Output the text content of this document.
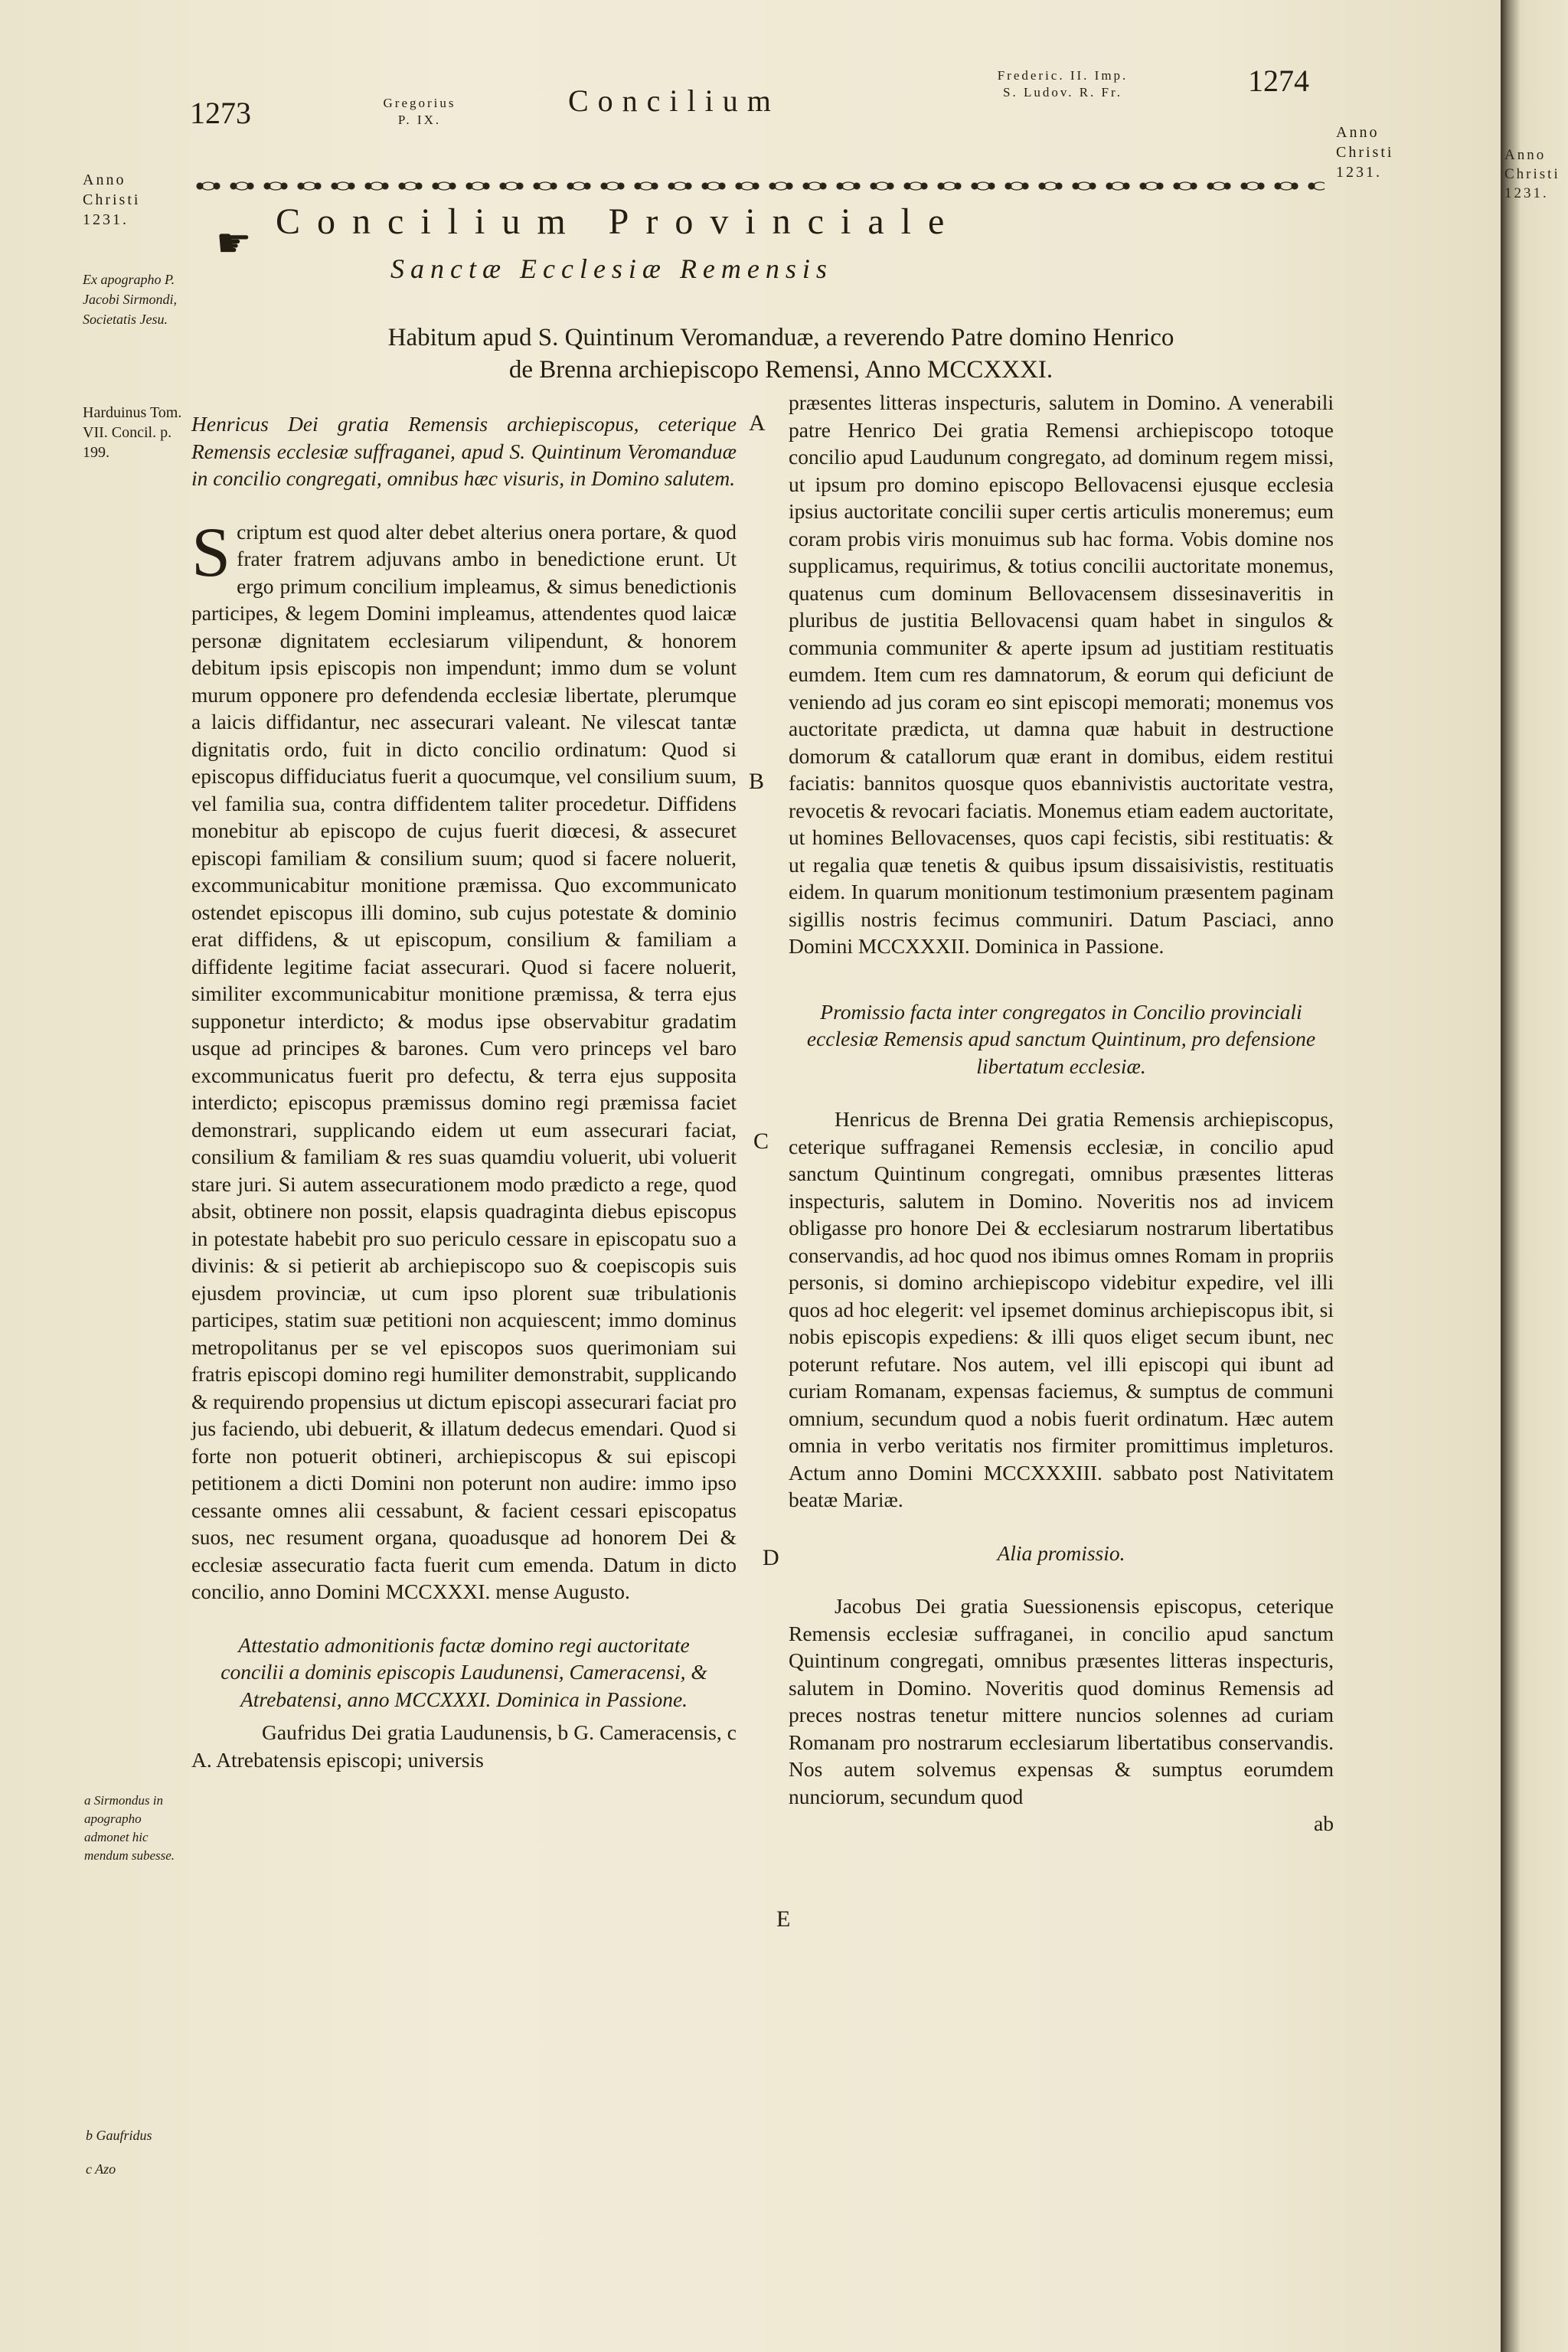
Anno
Christi
1231.
1273	Gregorius
P. IX.
Concilium
Frederic. II. Imp.
S. Ludov. R. Fr.	1274
Anno
Christi
1231.
Anno
Christi
1231.
Ex apographo P. Jacobi Sirmondi, Societatis Jesu.
Harduinus Tom. VII. Concil. p. 199.
a Sirmondus in apographo admonet hic mendum subesse.
b Gaufridus
c Azo
☛ Concilium Provinciale
Sanctæ Ecclesiæ Remensis
Habitum apud S. Quintinum Veromanduæ, a reverendo Patre domino Henrico
de Brenna archiepiscopo Remensi, Anno MCCXXXI.
A
B
C
D
E

Henricus Dei gratia Remensis archiepiscopus, ceterique Remensis ecclesiæ suffraganei, apud S. Quintinum Veromanduæ in concilio congregati, omnibus hæc visuris, in Domino salutem.

Scriptum est quod alter debet alterius onera portare, & quod frater fratrem adjuvans ambo in benedictione erunt. Ut ergo primum concilium impleamus, & simus benedictionis participes, & legem Domini impleamus, attendentes quod laicæ personæ dignitatem ecclesiarum vilipendunt, & honorem debitum ipsis episcopis non impendunt; immo dum se volunt murum opponere pro defendenda ecclesiæ libertate, plerumque a laicis diffidantur, nec assecurari valeant. Ne vilescat tantæ dignitatis ordo, fuit in dicto concilio ordinatum: Quod si episcopus diffiduciatus fuerit a quocumque, vel consilium suum, vel familia sua, contra diffidentem taliter procedetur. Diffidens monebitur ab episcopo de cujus fuerit diœcesi, & assecuret episcopi familiam & consilium suum; quod si facere noluerit, excommunicabitur monitione præmissa. Quo excommunicato ostendet episcopus illi domino, sub cujus potestate & dominio erat diffidens, & ut episcopum, consilium & familiam a diffidente legitime faciat assecurari. Quod si facere noluerit, similiter excommunicabitur monitione præmissa, & terra ejus supponetur interdicto; & modus ipse observabitur gradatim usque ad principes & barones. Cum vero princeps vel baro excommunicatus fuerit pro defectu, & terra ejus supposita interdicto; episcopus præmissus domino regi præmissa faciet demonstrari, supplicando eidem ut eum assecurari faciat, consilium & familiam & res suas quamdiu voluerit, ubi voluerit stare juri. Si autem assecurationem modo prædicto a rege, quod absit, obtinere non possit, elapsis quadraginta diebus episcopus in potestate habebit pro suo periculo cessare in episcopatu suo a divinis: & si petierit ab archiepiscopo suo & coepiscopis suis ejusdem provinciæ, ut cum ipso plorent suæ tribulationis participes, statim suæ petitioni non acquiescent; immo dominus metropolitanus per se vel episcopos suos querimoniam sui fratris episcopi domino regi humiliter demonstrabit, supplicando & requirendo propensius ut dictum episcopi assecurari faciat pro jus faciendo, ubi debuerit, & illatum dedecus emendari. Quod si forte non potuerit obtineri, archiepiscopus & sui episcopi petitionem a dicti Domini non poterunt non audire: immo ipso cessante omnes alii cessabunt, & facient cessari episcopatus suos, nec resument organa, quoadusque ad honorem Dei & ecclesiæ assecuratio facta fuerit cum emenda. Datum in dicto concilio, anno Domini MCCXXXI. mense Augusto.

Attestatio admonitionis factæ domino regi auctoritate concilii a dominis episcopis Laudunensi, Cameracensi, & Atrebatensi, anno MCCXXXI. Dominica in Passione.

Gaufridus Dei gratia Laudunensis, b G. Cameracensis, c A. Atrebatensis episcopi; universis

præsentes litteras inspecturis, salutem in Domino. A venerabili patre Henrico Dei gratia Remensi archiepiscopo totoque concilio apud Laudunum congregato, ad dominum regem missi, ut ipsum pro domino episcopo Bellovacensi ejusque ecclesia ipsius auctoritate concilii super certis articulis moneremus; eum coram probis viris monuimus sub hac forma. Vobis domine nos supplicamus, requirimus, & totius concilii auctoritate monemus, quatenus cum dominum Bellovacensem dissesinaveritis in pluribus de justitia Bellovacensi quam habet in singulos & communia communiter & aperte ipsum ad justitiam restituatis eumdem. Item cum res damnatorum, & eorum qui deficiunt de veniendo ad jus coram eo sint episcopi memorati; monemus vos auctoritate prædicta, ut damna quæ habuit in destructione domorum & catallorum quæ erant in domibus, eidem restitui faciatis: bannitos quosque quos ebannivistis auctoritate vestra, revocetis & revocari faciatis. Monemus etiam eadem auctoritate, ut homines Bellovacenses, quos capi fecistis, sibi restituatis: & ut regalia quæ tenetis & quibus ipsum dissaisivistis, restituatis eidem. In quarum monitionum testimonium præsentem paginam sigillis nostris fecimus communiri. Datum Pasciaci, anno Domini MCCXXXII. Dominica in Passione.

Promissio facta inter congregatos in Concilio provinciali ecclesiæ Remensis apud sanctum Quintinum, pro defensione libertatum ecclesiæ.

Henricus de Brenna Dei gratia Remensis archiepiscopus, ceterique suffraganei Remensis ecclesiæ, in concilio apud sanctum Quintinum congregati, omnibus præsentes litteras inspecturis, salutem in Domino. Noveritis nos ad invicem obligasse pro honore Dei & ecclesiarum nostrarum libertatibus conservandis, ad hoc quod nos ibimus omnes Romam in propriis personis, si domino archiepiscopo videbitur expedire, vel illi quos ad hoc elegerit: vel ipsemet dominus archiepiscopus ibit, si nobis episcopis expediens: & illi quos eliget secum ibunt, nec poterunt refutare. Nos autem, vel illi episcopi qui ibunt ad curiam Romanam, expensas faciemus, & sumptus de communi omnium, secundum quod a nobis fuerit ordinatum. Hæc autem omnia in verbo veritatis nos firmiter promittimus impleturos. Actum anno Domini MCCXXXIII. sabbato post Nativitatem beatæ Mariæ.

Alia promissio.

Jacobus Dei gratia Suessionensis episcopus, ceterique Remensis ecclesiæ suffraganei, in concilio apud sanctum Quintinum congregati, omnibus præsentes litteras inspecturis, salutem in Domino. Noveritis quod dominus Remensis ad preces nostras tenetur mittere nuncios solennes ad curiam Romanam pro nostrarum ecclesiarum libertatibus conservandis. Nos autem solvemus expensas & sumptus eorumdem nunciorum, secundum quod

ab
